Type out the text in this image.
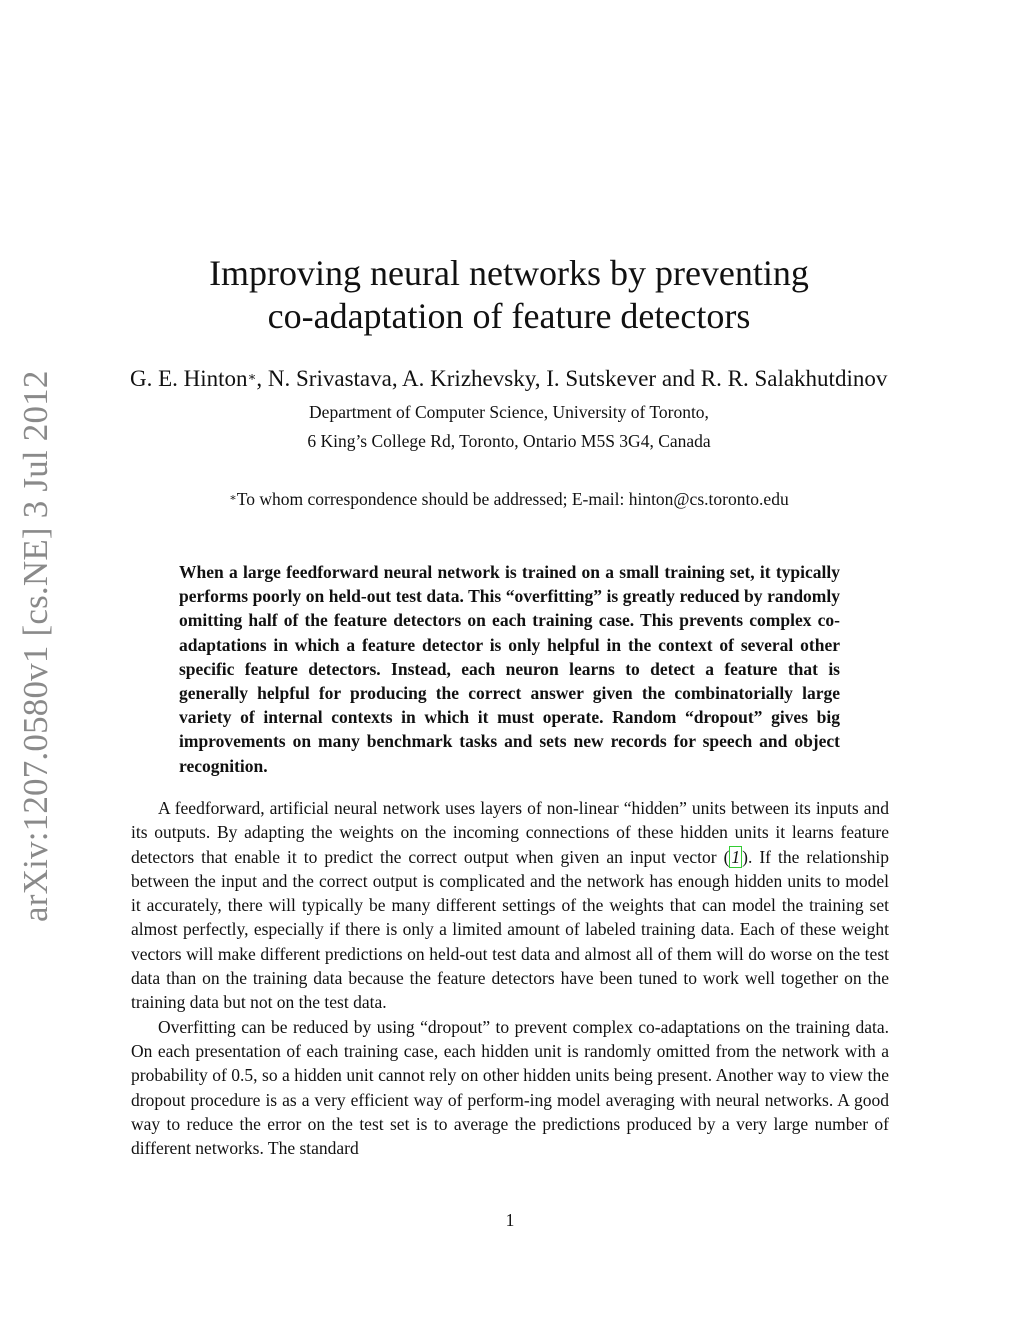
arXiv:1207.0580v1 [cs.NE] 3 Jul 2012
Improving neural networks by preventing
co-adaptation of feature detectors
G. E. Hinton∗, N. Srivastava, A. Krizhevsky, I. Sutskever and R. R. Salakhutdinov
Department of Computer Science, University of Toronto,
6 King’s College Rd, Toronto, Ontario M5S 3G4, Canada
∗To whom correspondence should be addressed; E-mail: hinton@cs.toronto.edu

When a large feedforward neural network is trained on a small training set, it typically performs poorly on held-out test data. This “overfitting” is greatly reduced by randomly omitting half of the feature detectors on each training case. This prevents complex co-adaptations in which a feature detector is only helpful in the context of several other specific feature detectors. Instead, each neuron learns to detect a feature that is generally helpful for producing the correct answer given the combinatorially large variety of internal contexts in which it must operate. Random “dropout” gives big improvements on many benchmark tasks and sets new records for speech and object recognition.

A feedforward, artificial neural network uses layers of non-linear “hidden” units between its inputs and its outputs. By adapting the weights on the incoming connections of these hidden units it learns feature detectors that enable it to predict the correct output when given an input vector ( 1 ). If the relationship between the input and the correct output is complicated and the network has enough hidden units to model it accurately, there will typically be many different settings of the weights that can model the training set almost perfectly, especially if there is only a limited amount of labeled training data. Each of these weight vectors will make different predictions on held-out test data and almost all of them will do worse on the test data than on the training data because the feature detectors have been tuned to work well together on the training data but not on the test data.

Overfitting can be reduced by using “dropout” to prevent complex co-adaptations on the training data. On each presentation of each training case, each hidden unit is randomly omitted from the network with a probability of 0.5, so a hidden unit cannot rely on other hidden units being present. Another way to view the dropout procedure is as a very efficient way of perform-ing model averaging with neural networks. A good way to reduce the error on the test set is to average the predictions produced by a very large number of different networks. The standard

1
